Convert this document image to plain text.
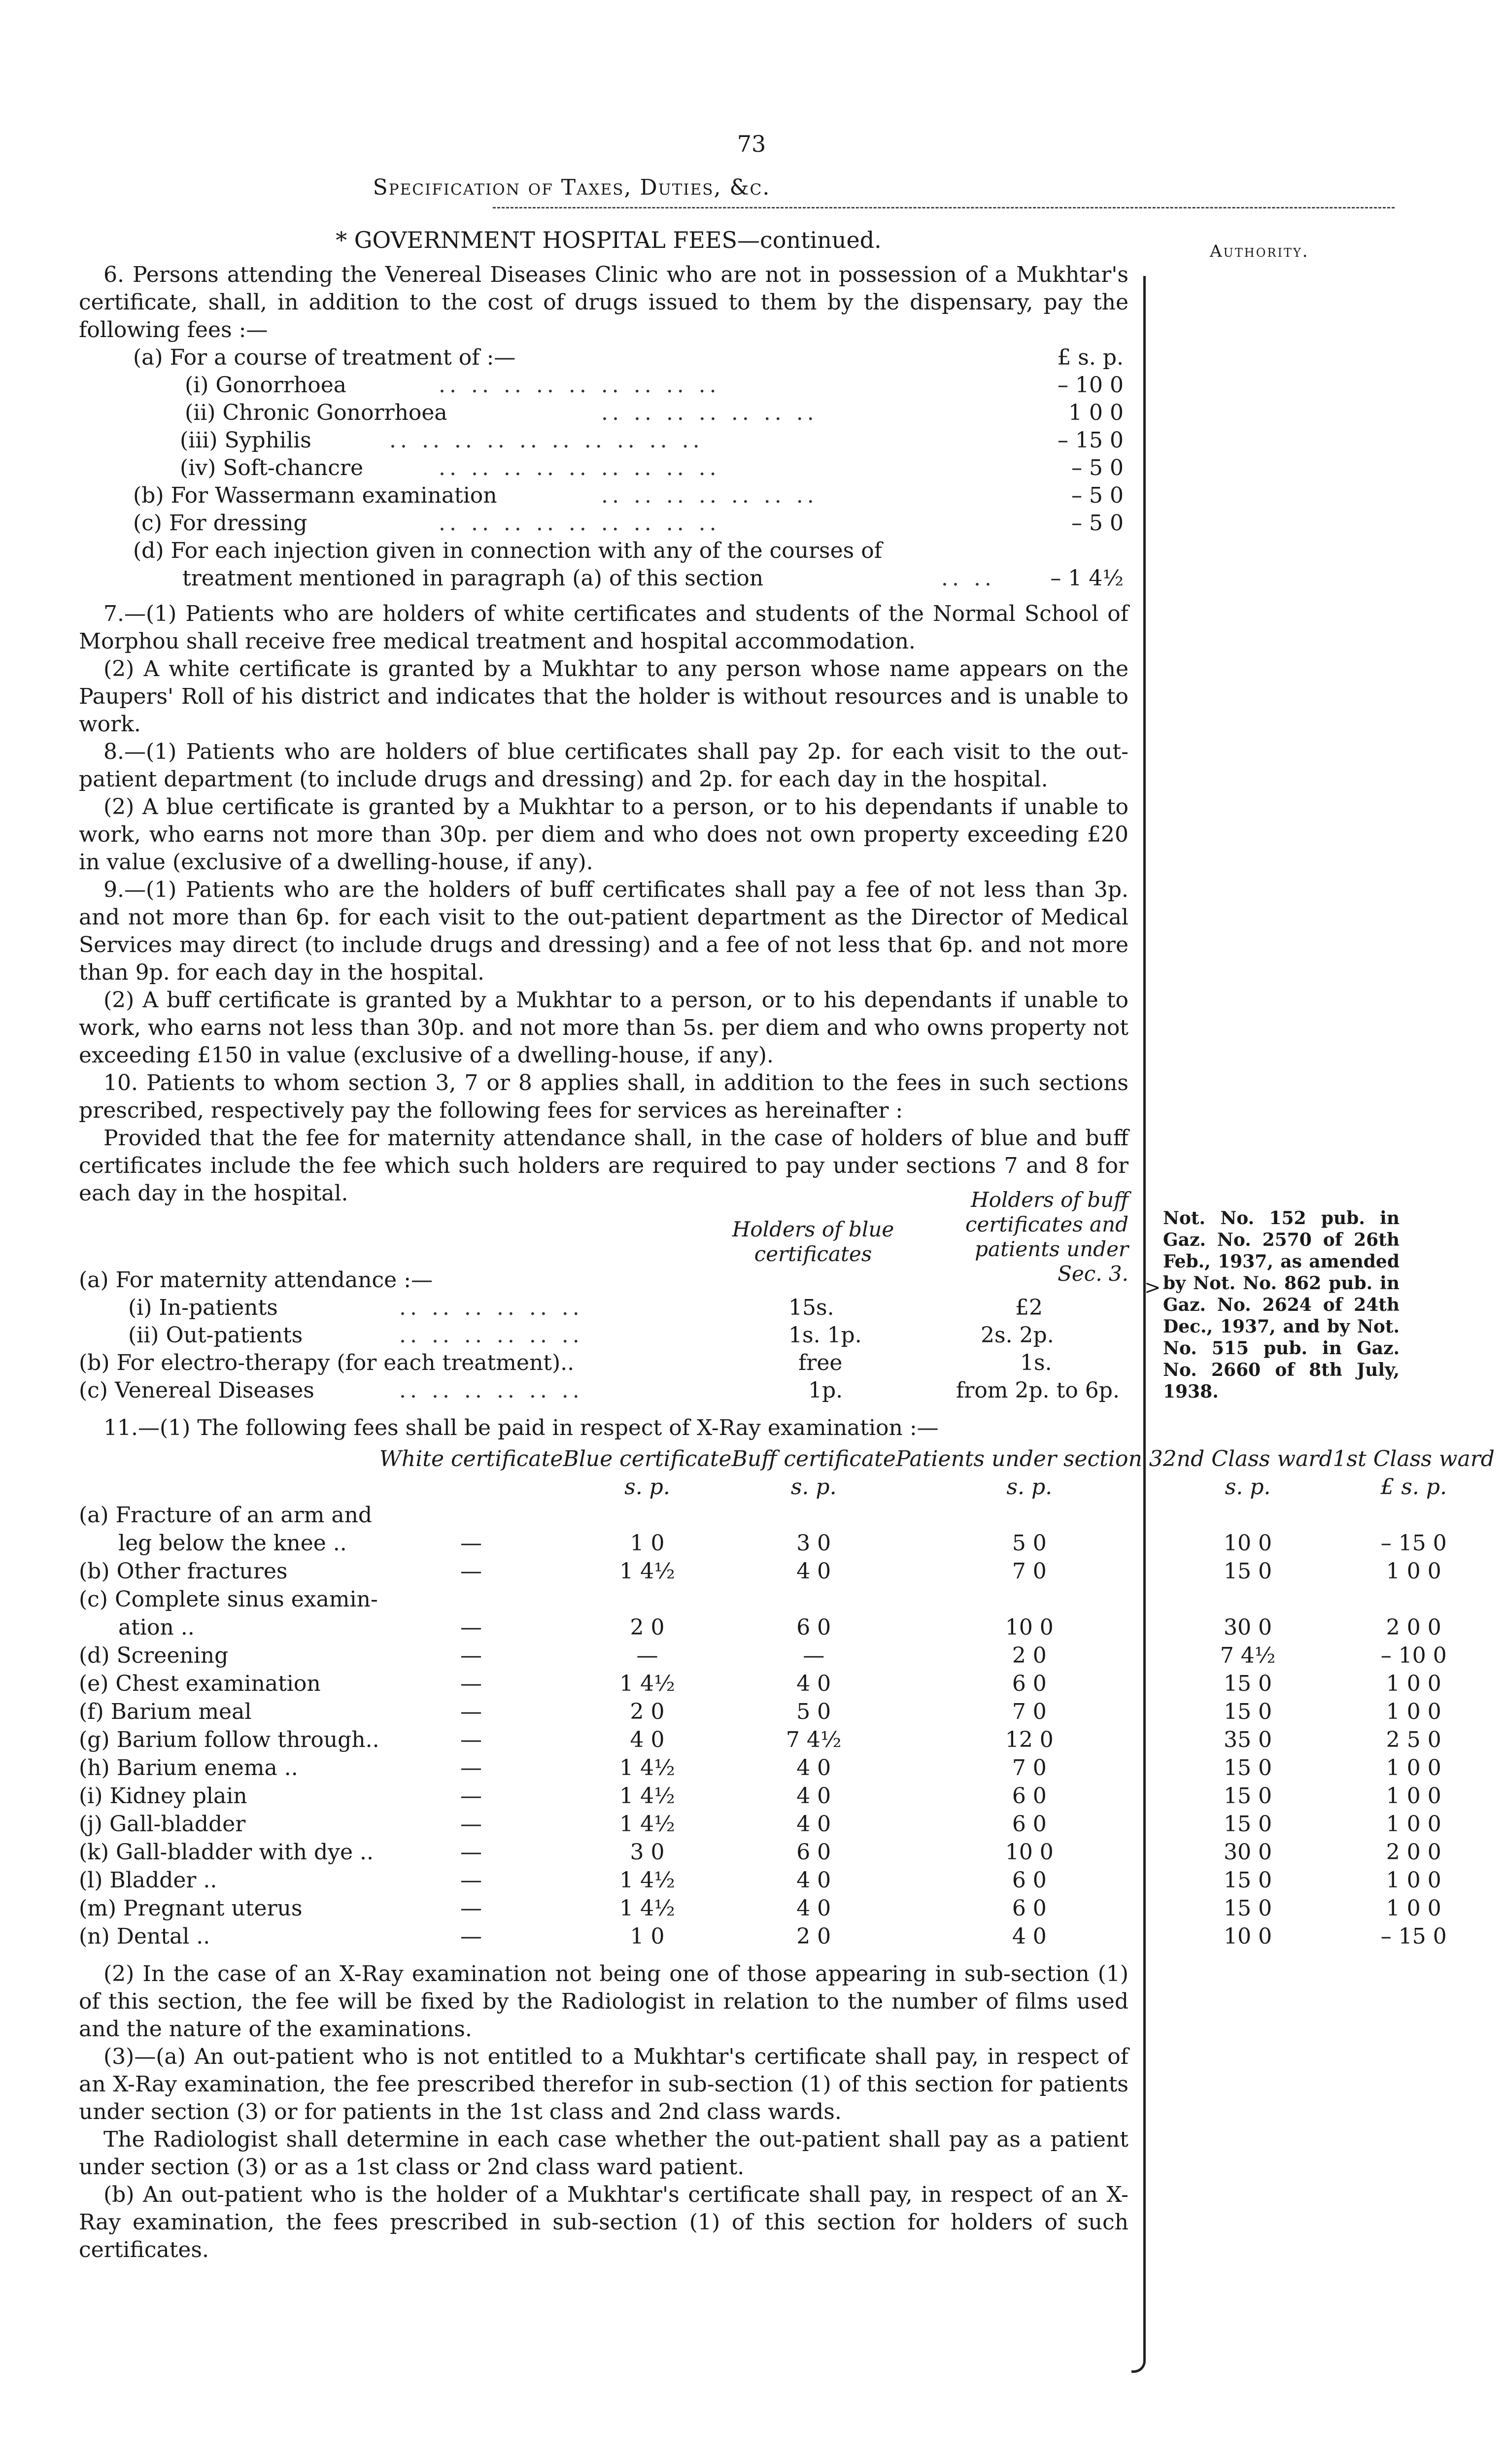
73
Specification of Taxes, Duties, &c.
* GOVERNMENT HOSPITAL FEES—continued.	Authority.

6. Persons attending the Venereal Diseases Clinic who are not in possession of a Mukhtar's certificate, shall, in addition to the cost of drugs issued to them by the dispensary, pay the following fees :—

(a) For a course of treatment of :—	£ s. p.
(i) Gonorrhoea	.. .. .. .. .. .. .. .. ..	– 10 0
(ii) Chronic Gonorrhoea	.. .. .. .. .. .. ..	1 0 0
(iii) Syphilis	.. .. .. .. .. .. .. .. .. ..	– 15 0
(iv) Soft-chancre	.. .. .. .. .. .. .. .. ..	– 5 0
(b) For Wassermann examination	.. .. .. .. .. .. ..	– 5 0
(c) For dressing	.. .. .. .. .. .. .. .. ..	– 5 0
(d) For each injection given in connection with any of the courses of
treatment mentioned in paragraph (a) of this section	.. ..	– 1 4½

7.—(1) Patients who are holders of white certificates and students of the Normal School of Morphou shall receive free medical treatment and hospital accommodation.

(2) A white certificate is granted by a Mukhtar to any person whose name appears on the Paupers' Roll of his district and indicates that the holder is without resources and is unable to work.

8.—(1) Patients who are holders of blue certificates shall pay 2p. for each visit to the out-patient department (to include drugs and dressing) and 2p. for each day in the hospital.

(2) A blue certificate is granted by a Mukhtar to a person, or to his dependants if unable to work, who earns not more than 30p. per diem and who does not own property exceeding £20 in value (exclusive of a dwelling-house, if any).

9.—(1) Patients who are the holders of buff certificates shall pay a fee of not less than 3p. and not more than 6p. for each visit to the out-patient department as the Director of Medical Services may direct (to include drugs and dressing) and a fee of not less that 6p. and not more than 9p. for each day in the hospital.

(2) A buff certificate is granted by a Mukhtar to a person, or to his dependants if unable to work, who earns not less than 30p. and not more than 5s. per diem and who owns property not exceeding £150 in value (exclusive of a dwelling-house, if any).

10. Patients to whom section 3, 7 or 8 applies shall, in addition to the fees in such sections prescribed, respectively pay the following fees for services as hereinafter :

Provided that the fee for maternity attendance shall, in the case of holders of blue and buff certificates include the fee which such holders are required to pay under sections 7 and 8 for each day in the hospital.

Holders of blue certificates
Holders of buff certificates and patients under Sec. 3.
(a) For maternity attendance :—
(i) In-patients	.. .. .. .. .. ..	15s.	£2
(ii) Out-patients	.. .. .. .. .. ..	1s. 1p.	2s. 2p.
(b) For electro-therapy (for each treatment)..	free	1s.
(c) Venereal Diseases	.. .. .. .. .. ..	1p.	from 2p. to 6p.

11.—(1) The following fees shall be paid in respect of X-Ray examination :—

	White certificate	Blue certificate	Buff certificate	Patients under section 3	2nd Class ward	1st Class ward
		s. p.	s. p.	s. p.	s. p.	£ s. p.
(a) Fracture of an arm and						
leg below the knee ..	—	1 0	3 0	5 0	10 0	– 15 0
(b) Other fractures	—	1 4½	4 0	7 0	15 0	1 0 0
(c) Complete sinus examin-						
ation ..	—	2 0	6 0	10 0	30 0	2 0 0
(d) Screening	—	—	—	2 0	7 4½	– 10 0
(e) Chest examination	—	1 4½	4 0	6 0	15 0	1 0 0
(f) Barium meal	—	2 0	5 0	7 0	15 0	1 0 0
(g) Barium follow through..	—	4 0	7 4½	12 0	35 0	2 5 0
(h) Barium enema ..	—	1 4½	4 0	7 0	15 0	1 0 0
(i) Kidney plain	—	1 4½	4 0	6 0	15 0	1 0 0
(j) Gall-bladder	—	1 4½	4 0	6 0	15 0	1 0 0
(k) Gall-bladder with dye ..	—	3 0	6 0	10 0	30 0	2 0 0
(l) Bladder ..	—	1 4½	4 0	6 0	15 0	1 0 0
(m) Pregnant uterus	—	1 4½	4 0	6 0	15 0	1 0 0
(n) Dental ..	—	1 0	2 0	4 0	10 0	– 15 0

(2) In the case of an X-Ray examination not being one of those appearing in sub-section (1) of this section, the fee will be fixed by the Radiologist in relation to the number of films used and the nature of the examinations.

(3)—(a) An out-patient who is not entitled to a Mukhtar's certificate shall pay, in respect of an X-Ray examination, the fee prescribed therefor in sub-section (1) of this section for patients under section (3) or for patients in the 1st class and 2nd class wards.

The Radiologist shall determine in each case whether the out-patient shall pay as a patient under section (3) or as a 1st class or 2nd class ward patient.

(b) An out-patient who is the holder of a Mukhtar's certificate shall pay, in respect of an X-Ray examination, the fees prescribed in sub-section (1) of this section for holders of such certificates.

>
Not. No. 152 pub. in Gaz. No. 2570 of 26th Feb., 1937, as amended by Not. No. 862 pub. in Gaz. No. 2624 of 24th Dec., 1937, and by Not. No. 515 pub. in Gaz. No. 2660 of 8th July, 1938.
